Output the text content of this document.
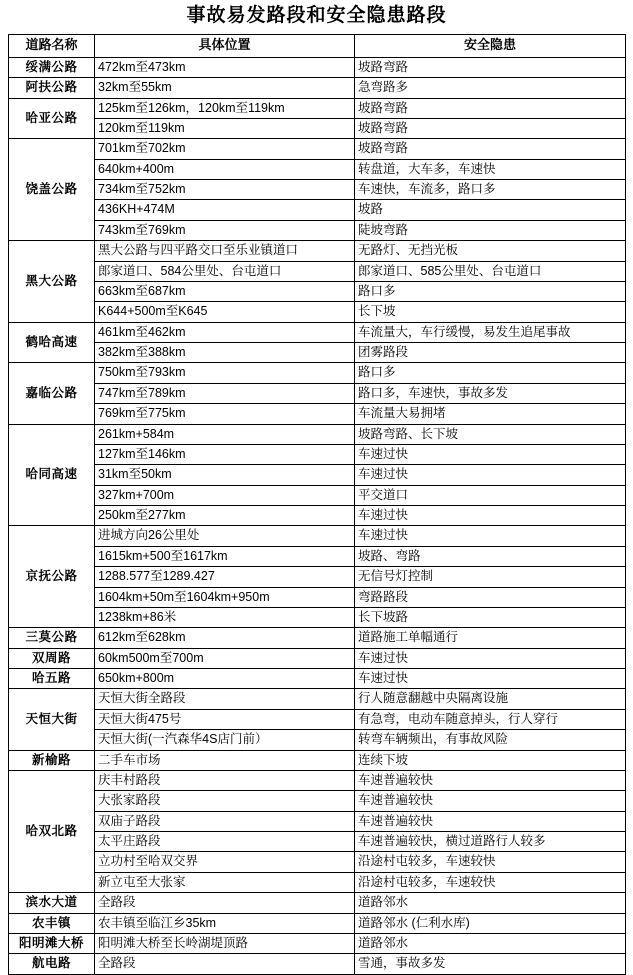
事故易发路段和安全隐患路段
道路名称	具体位置	安全隐患
绥满公路	472km至473km	坡路弯路
阿扶公路	32km至55km	急弯路多
哈亚公路	125km至126km，120km至119km	坡路弯路
	120km至119km	坡路弯路
饶盖公路	701km至702km	坡路弯路
	640km+400m	转盘道，大车多，车速快
	734km至752km	车速快，车流多，路口多
	436KH+474M	坡路
	743km至769km	陡坡弯路
黑大公路	黑大公路与四平路交口至乐业镇道口	无路灯、无挡光板
	郎家道口、584公里处、台屯道口	郎家道口、585公里处、台屯道口
	663km至687km	路口多
	K644+500m至K645	长下坡
鹤哈高速	461km至462km	车流量大，车行缓慢，易发生追尾事故
	382km至388km	团雾路段
嘉临公路	750km至793km	路口多
	747km至789km	路口多，车速快，事故多发
	769km至775km	车流量大易拥堵
哈同高速	261km+584m	坡路弯路、长下坡
	127km至146km	车速过快
	31km至50km	车速过快
	327km+700m	平交道口
	250km至277km	车速过快
京抚公路	进城方向26公里处	车速过快
	1615km+500至1617km	坡路、弯路
	1288.577至1289.427	无信号灯控制
	1604km+50m至1604km+950m	弯路路段
	1238km+86米	长下坡路
三莫公路	612km至628km	道路施工单幅通行
双周路	60km500m至700m	车速过快
哈五路	650km+800m	车速过快
天恒大街	天恒大街全路段	行人随意翻越中央隔离设施
	天恒大街475号	有急弯，电动车随意掉头，行人穿行
	天恒大街(一汽森华4S店门前）	转弯车辆频出，有事故风险
新榆路	二手车市场	连续下坡
哈双北路	庆丰村路段	车速普遍较快
	大张家路段	车速普遍较快
	双庙子路段	车速普遍较快
	太平庄路段	车速普遍较快，横过道路行人较多
	立功村至哈双交界	沿途村屯较多，车速较快
	新立屯至大张家	沿途村屯较多，车速较快
滨水大道	全路段	道路邻水
农丰镇	农丰镇至临江乡35km	道路邻水 (仁利水库)
阳明滩大桥	阳明滩大桥至长岭湖堤顶路	道路邻水
航电路	全路段	雪通，事故多发
